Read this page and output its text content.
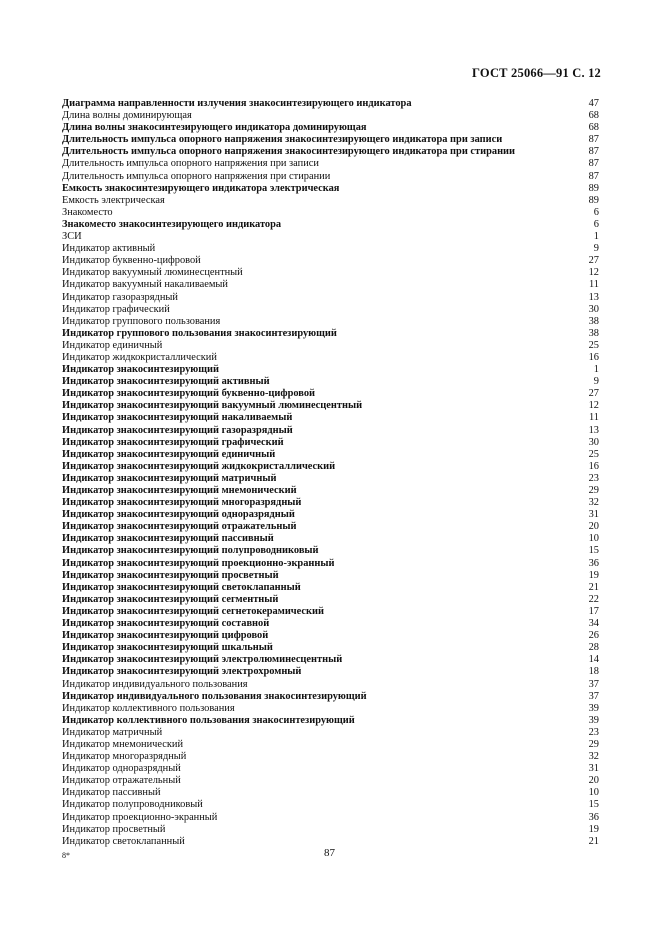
ГОСТ 25066—91 С. 12
Диаграмма направленности излучения знакосинтезирующего индикатора	47
Длина волны доминирующая	68
Длина волны знакосинтезирующего индикатора доминирующая	68
Длительность импульса опорного напряжения знакосинтезирующего индикатора при записи	87
Длительность импульса опорного напряжения знакосинтезирующего индикатора при стирании	87
Длительность импульса опорного напряжения при записи	87
Длительность импульса опорного напряжения при стирании	87
Емкость знакосинтезирующего индикатора электрическая	89
Емкость электрическая	89
Знакоместо	6
Знакоместо знакосинтезирующего индикатора	6
ЗСИ	1
Индикатор активный	9
Индикатор буквенно-цифровой	27
Индикатор вакуумный люминесцентный	12
Индикатор вакуумный накаливаемый	11
Индикатор газоразрядный	13
Индикатор графический	30
Индикатор группового пользования	38
Индикатор группового пользования знакосинтезирующий	38
Индикатор единичный	25
Индикатор жидкокристаллический	16
Индикатор знакосинтезирующий	1
Индикатор знакосинтезирующий активный	9
Индикатор знакосинтезирующий буквенно-цифровой	27
Индикатор знакосинтезирующий вакуумный люминесцентный	12
Индикатор знакосинтезирующий накаливаемый	11
Индикатор знакосинтезирующий газоразрядный	13
Индикатор знакосинтезирующий графический	30
Индикатор знакосинтезирующий единичный	25
Индикатор знакосинтезирующий жидкокристаллический	16
Индикатор знакосинтезирующий матричный	23
Индикатор знакосинтезирующий мнемонический	29
Индикатор знакосинтезирующий многоразрядный	32
Индикатор знакосинтезирующий одноразрядный	31
Индикатор знакосинтезирующий отражательный	20
Индикатор знакосинтезирующий пассивный	10
Индикатор знакосинтезирующий полупроводниковый	15
Индикатор знакосинтезирующий проекционно-экранный	36
Индикатор знакосинтезирующий просветный	19
Индикатор знакосинтезирующий светоклапанный	21
Индикатор знакосинтезирующий сегментный	22
Индикатор знакосинтезирующий сегнетокерамический	17
Индикатор знакосинтезирующий составной	34
Индикатор знакосинтезирующий цифровой	26
Индикатор знакосинтезирующий шкальный	28
Индикатор знакосинтезирующий электролюминесцентный	14
Индикатор знакосинтезирующий электрохромный	18
Индикатор индивидуального пользования	37
Индикатор индивидуального пользования знакосинтезирующий	37
Индикатор коллективного пользования	39
Индикатор коллективного пользования знакосинтезирующий	39
Индикатор матричный	23
Индикатор мнемонический	29
Индикатор многоразрядный	32
Индикатор одноразрядный	31
Индикатор отражательный	20
Индикатор пассивный	10
Индикатор полупроводниковый	15
Индикатор проекционно-экранный	36
Индикатор просветный	19
Индикатор светоклапанный	21
8*	87
